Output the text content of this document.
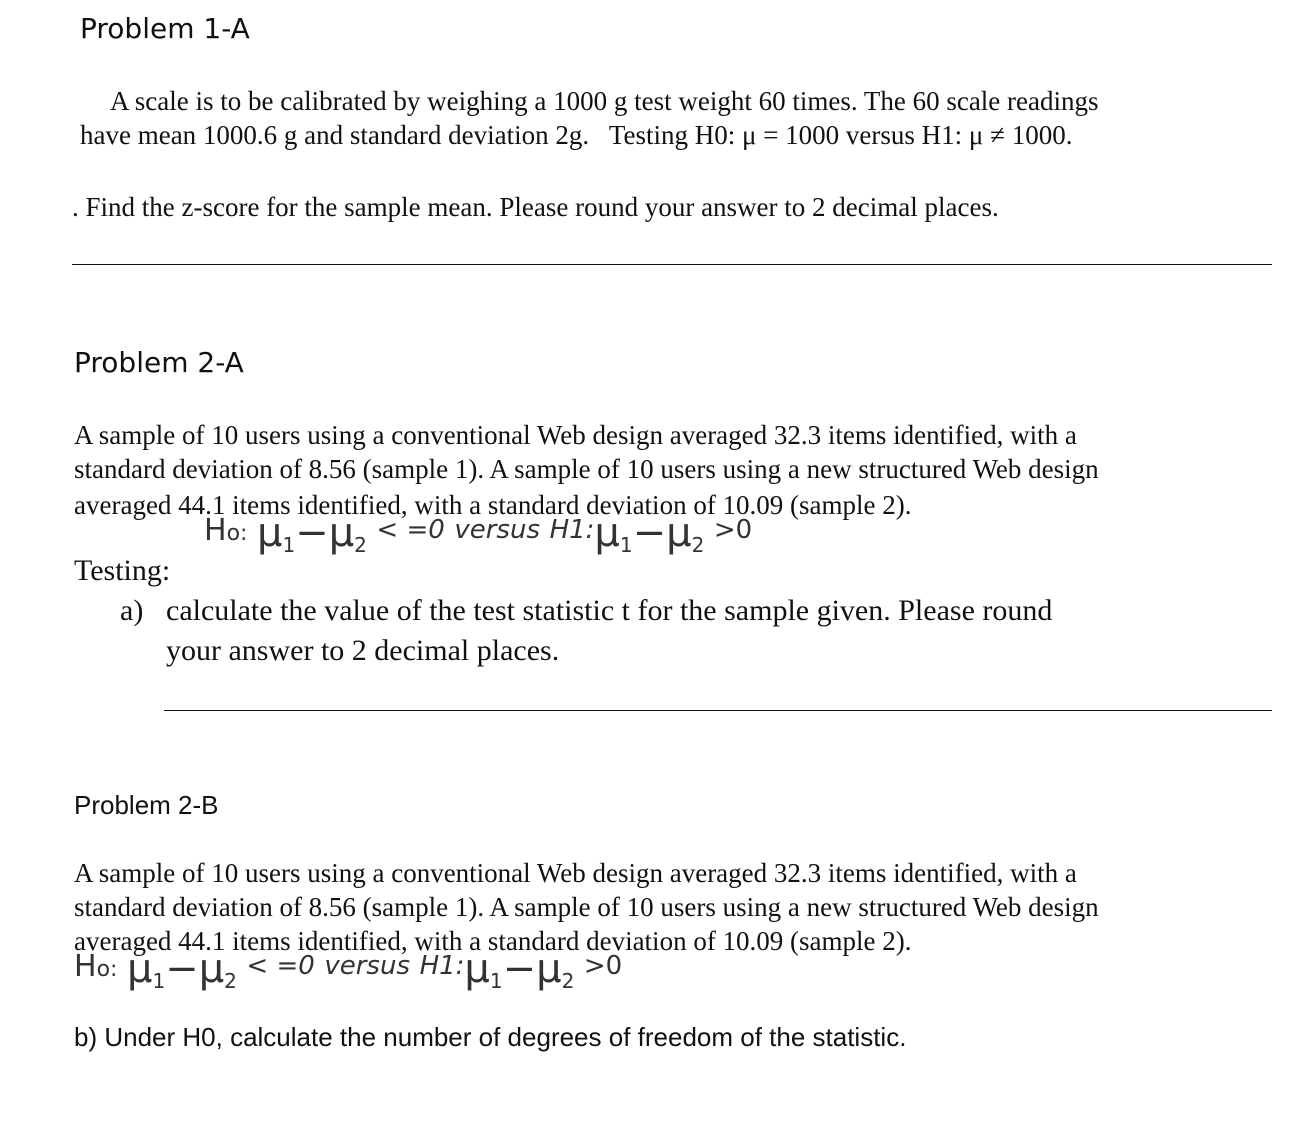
Problem 1-A
A scale is to be calibrated by weighing a 1000 g test weight 60 times. The 60 scale readings
have mean 1000.6 g and standard deviation 2g.   Testing H0: μ = 1000 versus H1: μ ≠ 1000.
. Find the z-score for the sample mean. Please round your answer to 2 decimal places.
Problem 2-A
A sample of 10 users using a conventional Web design averaged 32.3 items identified, with a
standard deviation of 8.56 (sample 1). A sample of 10 users using a new structured Web design
averaged 44.1 items identified, with a standard deviation of 10.09 (sample 2).
Ho: $\mu_1-\mu_2 < =0$ versus $H1:\mu_1-\mu_2 >0$
Testing:
a) calculate the value of the test statistic t for the sample given. Please round
your answer to 2 decimal places.
Problem 2-B
A sample of 10 users using a conventional Web design averaged 32.3 items identified, with a
standard deviation of 8.56 (sample 1). A sample of 10 users using a new structured Web design
averaged 44.1 items identified, with a standard deviation of 10.09 (sample 2).
Ho: $\mu_1-\mu_2 < =0$ versus $H1:\mu_1-\mu_2 >0$
b) Under H0, calculate the number of degrees of freedom of the statistic.
